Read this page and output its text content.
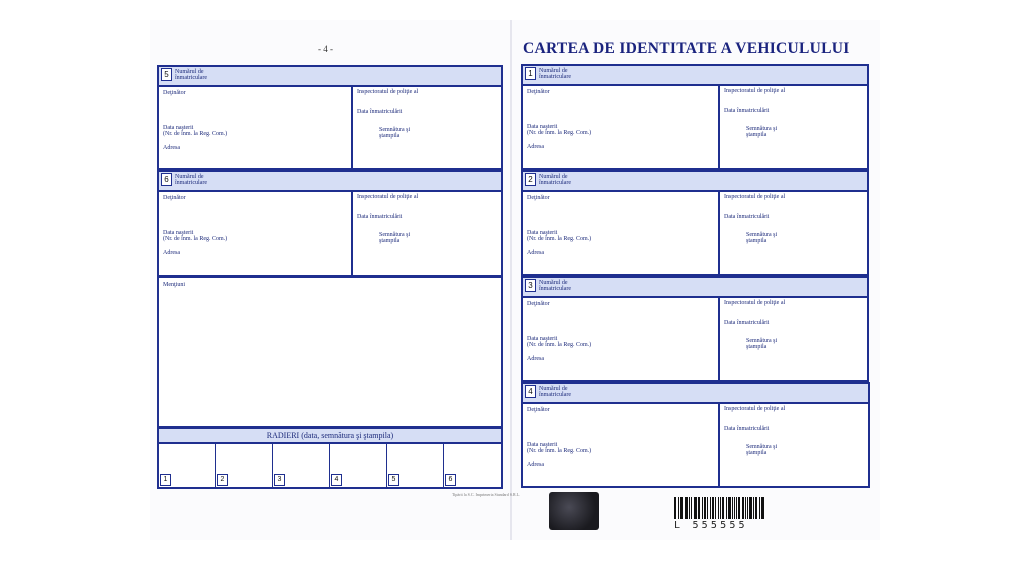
- 4 -	CARTEA DE IDENTITATE A VEHICULULUI
5	Numărul de
înmatriculare
Deţinător
Data naşterii
(Nr. de înm. la Reg. Com.)
Adresa
Inspectoratul de poliţie al
Data înmatriculării
Semnătura şi
ştampila
6	Numărul de
înmatriculare
Deţinător
Data naşterii
(Nr. de înm. la Reg. Com.)
Adresa
Inspectoratul de poliţie al
Data înmatriculării
Semnătura şi
ştampila
1	Numărul de
înmatriculare
Deţinător
Data naşterii
(Nr. de înm. la Reg. Com.)
Adresa
Inspectoratul de poliţie al
Data înmatriculării
Semnătura şi
ştampila
2	Numărul de
înmatriculare
Deţinător
Data naşterii
(Nr. de înm. la Reg. Com.)
Adresa
Inspectoratul de poliţie al
Data înmatriculării
Semnătura şi
ştampila
3	Numărul de
înmatriculare
Deţinător
Data naşterii
(Nr. de înm. la Reg. Com.)
Adresa
Inspectoratul de poliţie al
Data înmatriculării
Semnătura şi
ştampila
4	Numărul de
înmatriculare
Deţinător
Data naşterii
(Nr. de înm. la Reg. Com.)
Adresa
Inspectoratul de poliţie al
Data înmatriculării
Semnătura şi
ştampila
Menţiuni
RADIERI (data, semnătura şi ştampila)
1	2	3	4	5	6
Tipărit la S.C. Imprimeria Standard S.R.L.
L 555555
